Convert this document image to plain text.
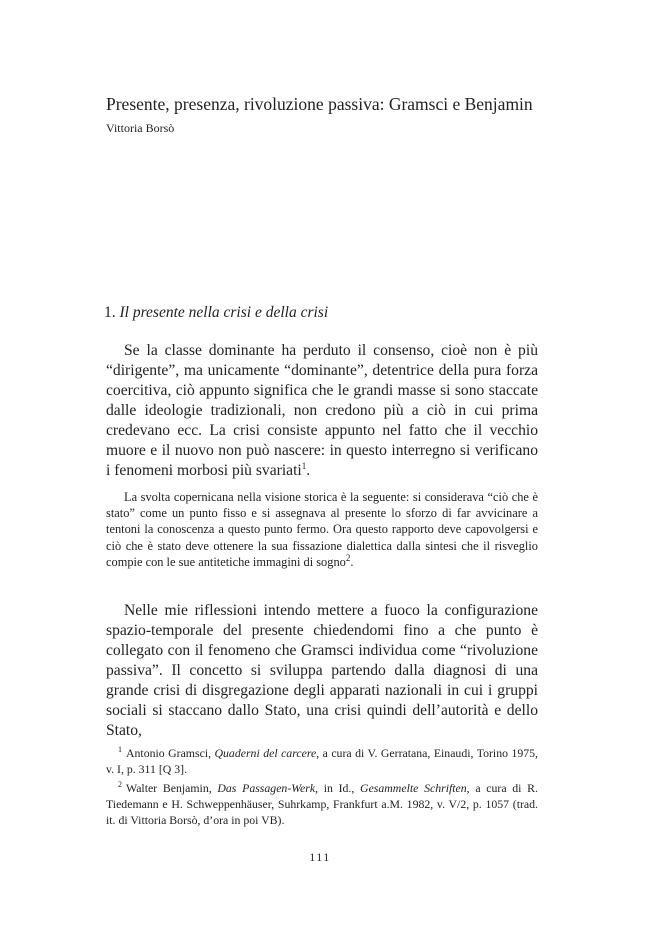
Presente, presenza, rivoluzione passiva: Gramsci e Benjamin
Vittoria Borsò
1. Il presente nella crisi e della crisi

Se la classe dominante ha perduto il consenso, cioè non è più “dirigente”, ma unicamente “dominante”, detentrice della pura forza coercitiva, ciò appunto significa che le grandi masse si sono staccate dalle ideologie tradizionali, non credono più a ciò in cui prima credevano ecc. La crisi consiste appunto nel fatto che il vecchio muore e il nuovo non può nascere: in questo interregno si verificano i fenomeni morbosi più svariati$^1$.

La svolta copernicana nella visione storica è la seguente: si considerava “ciò che è stato” come un punto fisso e si assegnava al presente lo sforzo di far avvicinare a tentoni la conoscenza a questo punto fermo. Ora questo rapporto deve capovolgersi e ciò che è stato deve ottenere la sua fissazione dialettica dalla sintesi che il risveglio compie con le sue antitetiche immagini di sogno$^2$.

Nelle mie riflessioni intendo mettere a fuoco la configurazione spazio-temporale del presente chiedendomi fino a che punto è collegato con il fenomeno che Gramsci individua come “rivoluzione passiva”. Il concetto si sviluppa partendo dalla diagnosi di una grande crisi di disgregazione degli apparati nazionali in cui i gruppi sociali si staccano dallo Stato, una crisi quindi dell’autorità e dello Stato,

$^1$ Antonio Gramsci, Quaderni del carcere, a cura di V. Gerratana, Einaudi, Torino 1975, v. I, p. 311 [Q 3].

$^2$ Walter Benjamin, Das Passagen-Werk, in Id., Gesammelte Schriften, a cura di R. Tiedemann e H. Schweppenhäuser, Suhrkamp, Frankfurt a.M. 1982, v. V/2, p. 1057 (trad. it. di Vittoria Borsò, d’ora in poi VB).

111
